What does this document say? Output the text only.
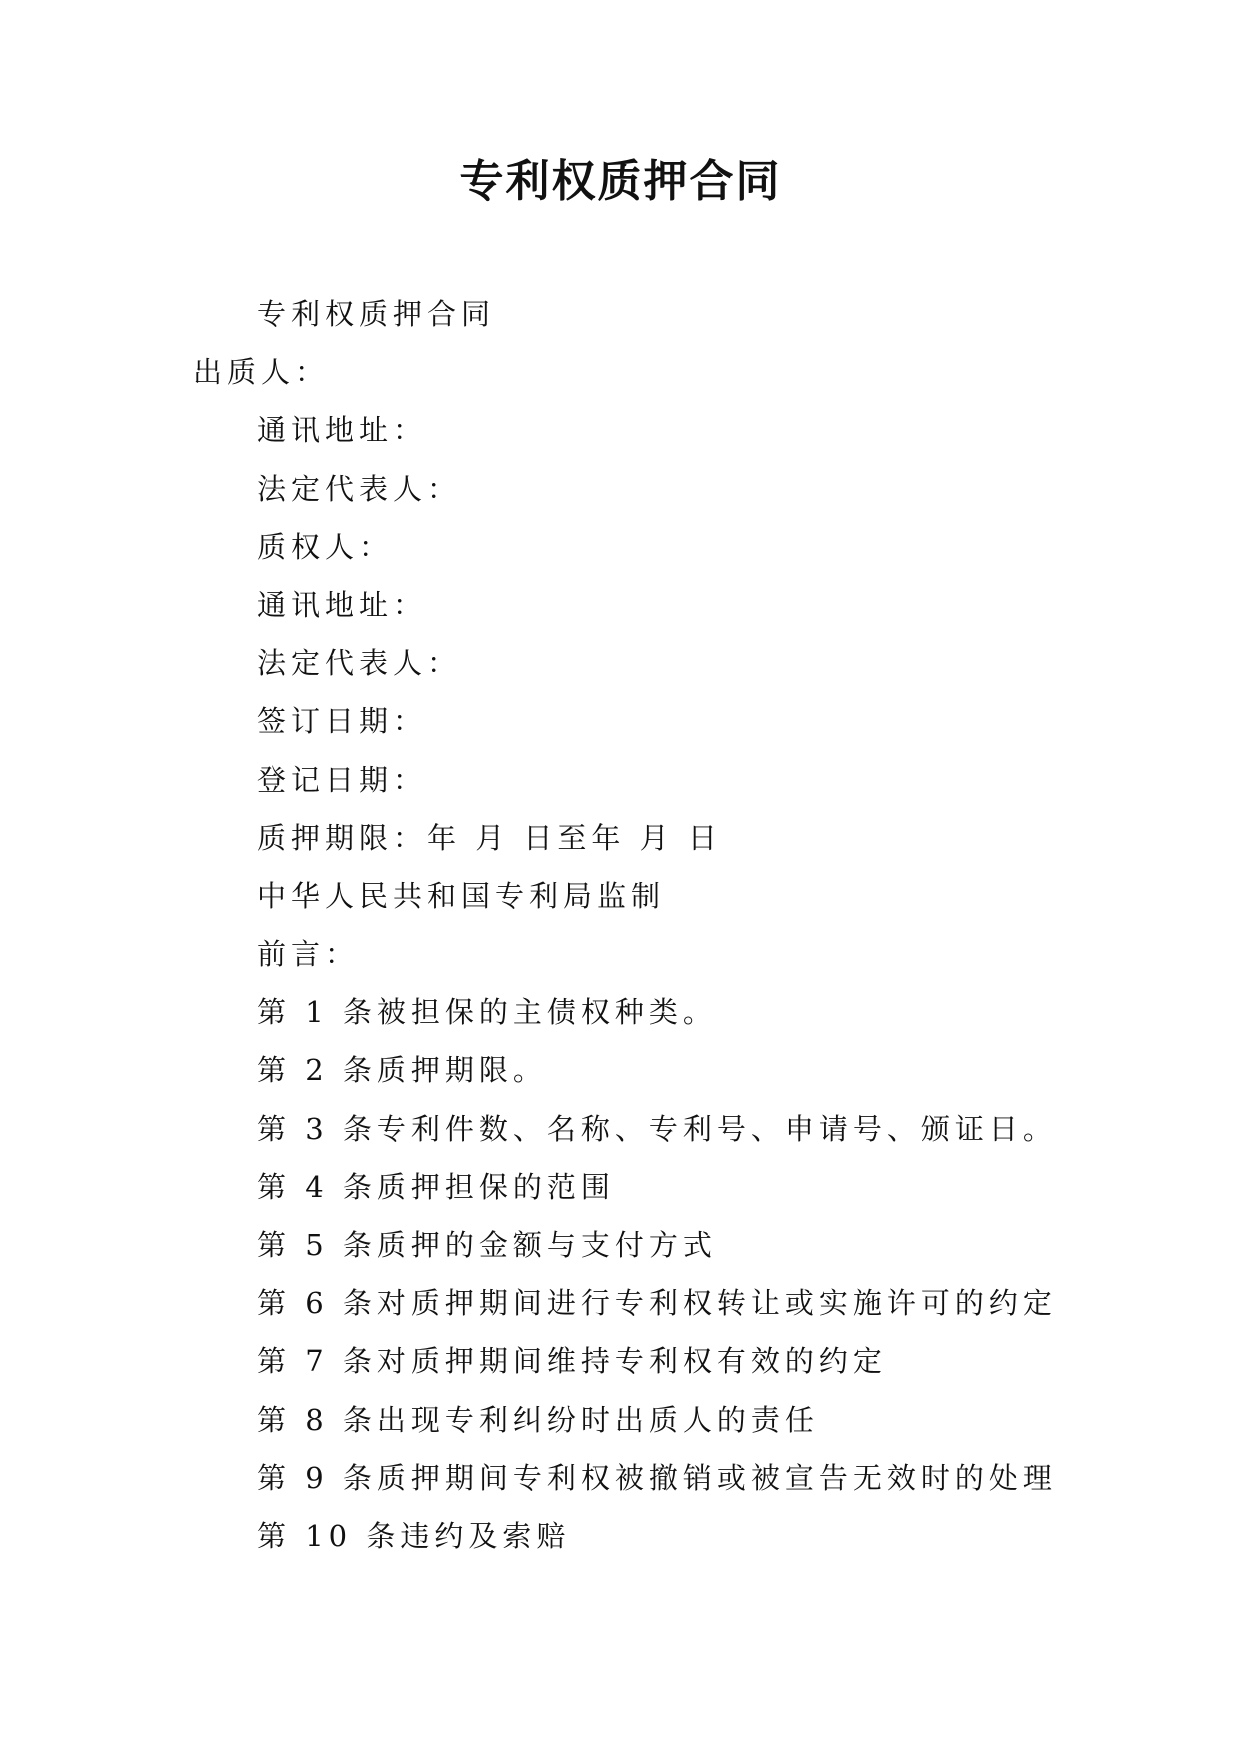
专利权质押合同
专利权质押合同
出质人：
通讯地址：
法定代表人：
质权人：
通讯地址：
法定代表人：
签订日期：
登记日期：
质押期限：年 月 日至年 月 日
中华人民共和国专利局监制
前言：
第 1 条被担保的主债权种类。
第 2 条质押期限。
第 3 条专利件数、名称、专利号、申请号、颁证日。
第 4 条质押担保的范围
第 5 条质押的金额与支付方式
第 6 条对质押期间进行专利权转让或实施许可的约定
第 7 条对质押期间维持专利权有效的约定
第 8 条出现专利纠纷时出质人的责任
第 9 条质押期间专利权被撤销或被宣告无效时的处理
第 10 条违约及索赔
